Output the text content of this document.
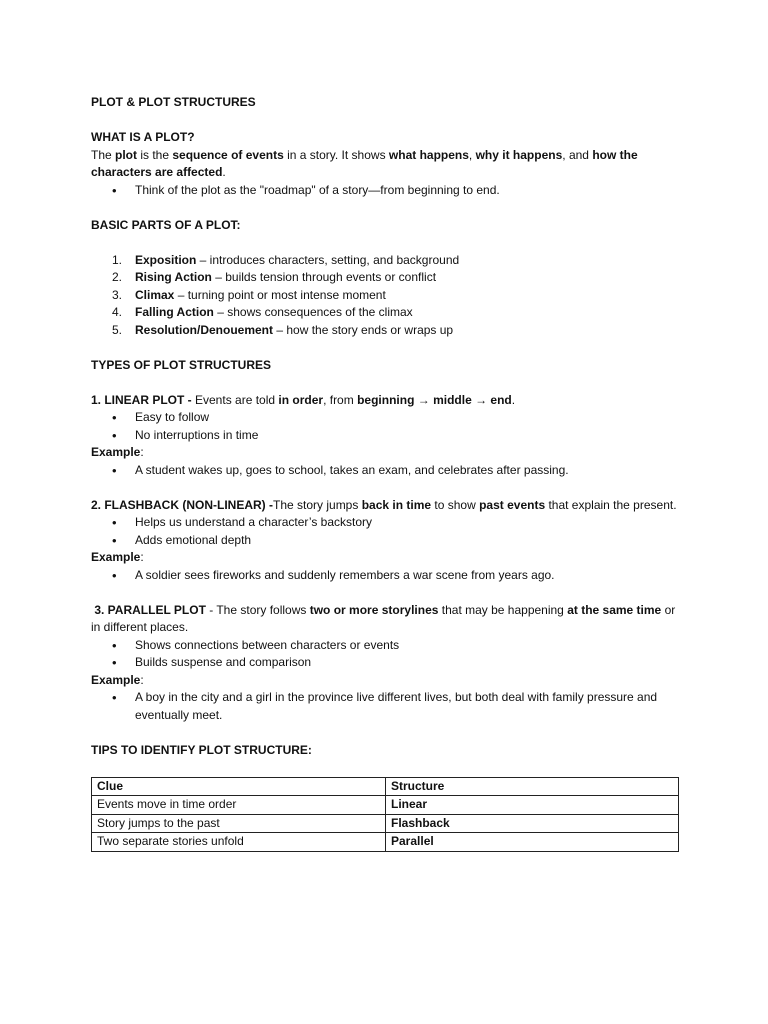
PLOT & PLOT STRUCTURES

WHAT IS A PLOT?

The plot is the sequence of events in a story. It shows what happens, why it happens, and how the characters are affected.

• Think of the plot as the "roadmap" of a story—from beginning to end.

BASIC PARTS OF A PLOT:

1. Exposition – introduces characters, setting, and background
2. Rising Action – builds tension through events or conflict
3. Climax – turning point or most intense moment
4. Falling Action – shows consequences of the climax
5. Resolution/Denouement – how the story ends or wraps up

TYPES OF PLOT STRUCTURES

1. LINEAR PLOT - Events are told in order, from beginning → middle → end.

• Easy to follow
• No interruptions in time

Example:

• A student wakes up, goes to school, takes an exam, and celebrates after passing.

2. FLASHBACK (NON-LINEAR) -The story jumps back in time to show past events that explain the present.

• Helps us understand a character’s backstory
• Adds emotional depth

Example:

• A soldier sees fireworks and suddenly remembers a war scene from years ago.

3. PARALLEL PLOT - The story follows two or more storylines that may be happening at the same time or in different places.

• Shows connections between characters or events
• Builds suspense and comparison

Example:

• A boy in the city and a girl in the province live different lives, but both deal with family pressure and eventually meet.

TIPS TO IDENTIFY PLOT STRUCTURE:

Clue	Structure
Events move in time order	Linear
Story jumps to the past	Flashback
Two separate stories unfold	Parallel
